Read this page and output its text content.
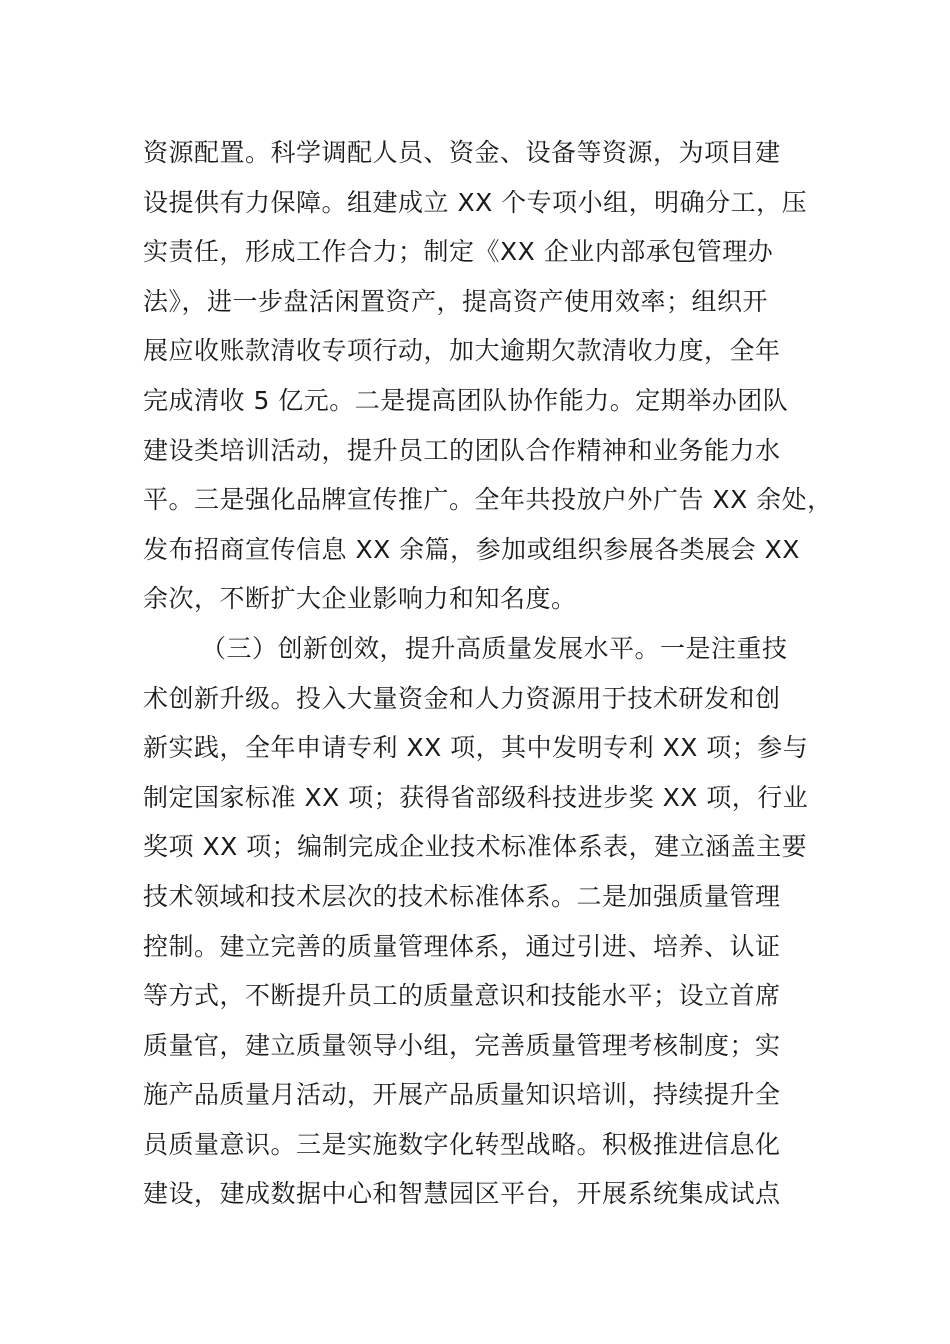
资源配置。科学调配人员、资金、设备等资源，为项目建
设提供有力保障。组建成立 XX 个专项小组，明确分工，压
实责任，形成工作合力；制定《XX 企业内部承包管理办
法》，进一步盘活闲置资产，提高资产使用效率；组织开
展应收账款清收专项行动，加大逾期欠款清收力度，全年
完成清收 5 亿元。二是提高团队协作能力。定期举办团队
建设类培训活动，提升员工的团队合作精神和业务能力水
平。三是强化品牌宣传推广。全年共投放户外广告 XX 余处，
发布招商宣传信息 XX 余篇，参加或组织参展各类展会 XX
余次，不断扩大企业影响力和知名度。
（三）创新创效，提升高质量发展水平。一是注重技
术创新升级。投入大量资金和人力资源用于技术研发和创
新实践，全年申请专利 XX 项，其中发明专利 XX 项；参与
制定国家标准 XX 项；获得省部级科技进步奖 XX 项，行业
奖项 XX 项；编制完成企业技术标准体系表，建立涵盖主要
技术领域和技术层次的技术标准体系。二是加强质量管理
控制。建立完善的质量管理体系，通过引进、培养、认证
等方式，不断提升员工的质量意识和技能水平；设立首席
质量官，建立质量领导小组，完善质量管理考核制度；实
施产品质量月活动，开展产品质量知识培训，持续提升全
员质量意识。三是实施数字化转型战略。积极推进信息化
建设，建成数据中心和智慧园区平台，开展系统集成试点
